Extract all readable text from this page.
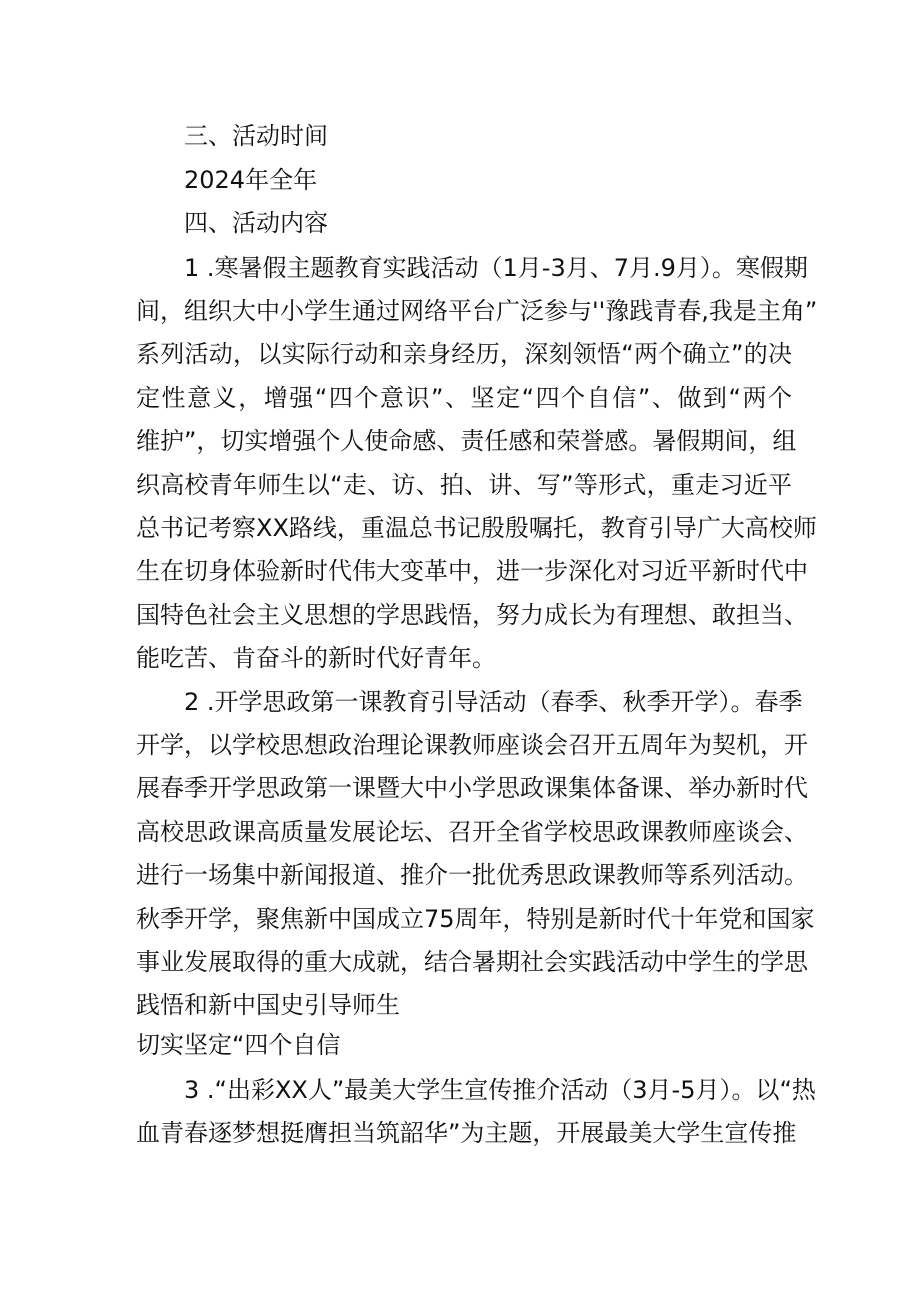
三、活动时间
2024年全年
四、活动内容
1 .寒暑假主题教育实践活动（1月-3月、7月.9月）。寒假期
间，组织大中小学生通过网络平台广泛参与''豫践青春,我是主角”
系列活动，以实际行动和亲身经历，深刻领悟“两个确立”的决
定性意义，增强“四个意识”、坚定“四个自信”、做到“两个
维护”，切实增强个人使命感、责任感和荣誉感。暑假期间，组
织高校青年师生以“走、访、拍、讲、写”等形式，重走习近平
总书记考察XX路线，重温总书记殷殷嘱托，教育引导广大高校师
生在切身体验新时代伟大变革中，进一步深化对习近平新时代中
国特色社会主义思想的学思践悟，努力成长为有理想、敢担当、
能吃苦、肯奋斗的新时代好青年。
2 .开学思政第一课教育引导活动（春季、秋季开学）。春季
开学，以学校思想政治理论课教师座谈会召开五周年为契机，开
展春季开学思政第一课暨大中小学思政课集体备课、举办新时代
高校思政课高质量发展论坛、召开全省学校思政课教师座谈会、
进行一场集中新闻报道、推介一批优秀思政课教师等系列活动。
秋季开学，聚焦新中国成立75周年，特别是新时代十年党和国家
事业发展取得的重大成就，结合暑期社会实践活动中学生的学思
践悟和新中国史引导师生
切实坚定“四个自信
3 .“出彩XX人”最美大学生宣传推介活动（3月-5月）。以“热
血青春逐梦想挺膺担当筑韶华”为主题，开展最美大学生宣传推
